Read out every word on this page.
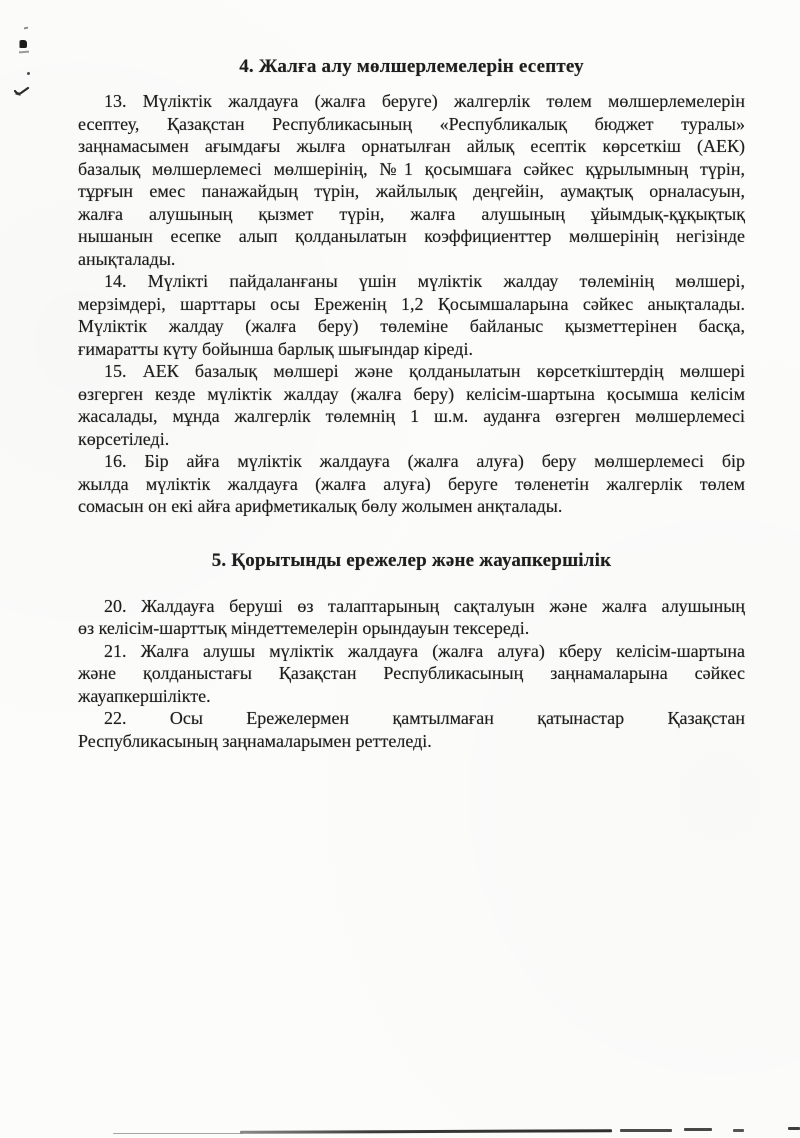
4. Жалға алу мөлшерлемелерін есептеу
13. Мүліктік жалдауға (жалға беруге) жалгерлік төлем мөлшерлемелерін
есептеу, Қазақстан Республикасының «Республикалық бюджет туралы»
заңнамасымен ағымдағы жылға орнатылған айлық есептік көрсеткіш (АЕК)
базалық мөлшерлемесі мөлшерінің, №1 қосымшаға сәйкес құрылымның түрін,
тұрғын емес панажайдың түрін, жайлылық деңгейін, аумақтық орналасуын,
жалға алушының қызмет түрін, жалға алушының ұйымдық-құқықтық
нышанын есепке алып қолданылатын коэффициенттер мөлшерінің негізінде
анықталады.
14. Мүлікті пайдаланғаны үшін мүліктік жалдау төлемінің мөлшері,
мерзімдері, шарттары осы Ереженің 1,2 Қосымшаларына сәйкес анықталады.
Мүліктік жалдау (жалға беру) төлеміне байланыс қызметтерінен басқа,
ғимаратты күту бойынша барлық шығындар кіреді.
15. АЕК базалық мөлшері және қолданылатын көрсеткіштердің мөлшері
өзгерген кезде мүліктік жалдау (жалға беру) келісім-шартына қосымша келісім
жасалады, мұнда жалгерлік төлемнің 1 ш.м. ауданға өзгерген мөлшерлемесі
көрсетіледі.
16. Бір айға мүліктік жалдауға (жалға алуға) беру мөлшерлемесі бір
жылда мүліктік жалдауға (жалға алуға) беруге төленетін жалгерлік төлем
сомасын он екі айға арифметикалық бөлу жолымен анқталады.
5. Қорытынды ережелер және жауапкершілік
20. Жалдауға беруші өз талаптарының сақталуын және жалға алушының
өз келісім-шарттық міндеттемелерін орындауын тексереді.
21. Жалға алушы мүліктік жалдауға (жалға алуға) кберу келісім-шартына
және қолданыстағы Қазақстан Республикасының заңнамаларына сәйкес
жауапкершілікте.
22. Осы Ережелермен қамтылмаған қатынастар Қазақстан
Республикасының заңнамаларымен реттеледі.
